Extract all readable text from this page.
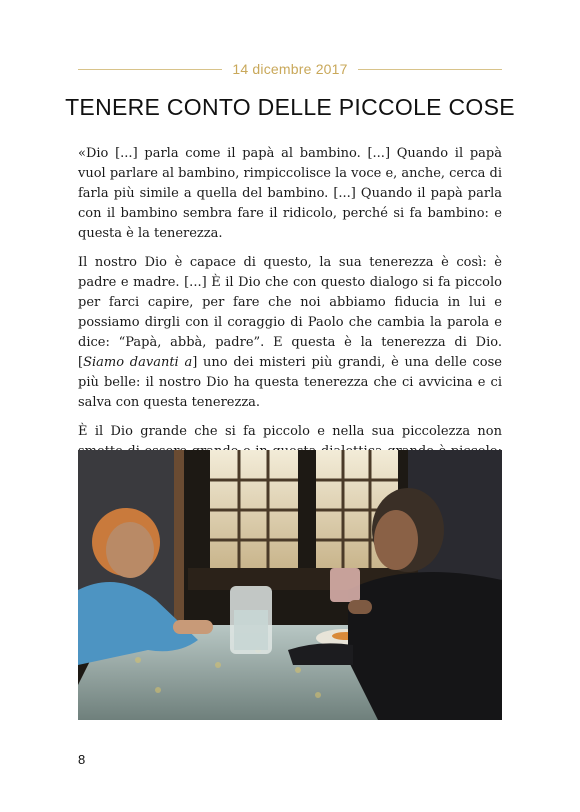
14 dicembre 2017
TENERE CONTO DELLE PICCOLE COSE

«Dio [...] parla come il papà al bambino. [...] Quando il papà vuol parlare al bambino, rimpiccolisce la voce e, anche, cerca di farla più simile a quella del bambino. [...] Quando il papà parla con il bambino sembra fare il ridicolo, perché si fa bambino: e questa è la tenerezza.

Il nostro Dio è capace di questo, la sua tenerezza è così: è padre e madre. [...] È il Dio che con questo dialogo si fa piccolo per farci capire, per fare che noi abbiamo fiducia in lui e possiamo dirgli con il coraggio di Paolo che cambia la parola e dice: “Papà, abbà, padre”. E questa è la tenerezza di Dio. [Siamo davanti a] uno dei misteri più grandi, è una delle cose più belle: il nostro Dio ha questa tenerezza che ci avvicina e ci salva con questa tenerezza.

È il Dio grande che si fa piccolo e nella sua piccolezza non

8
